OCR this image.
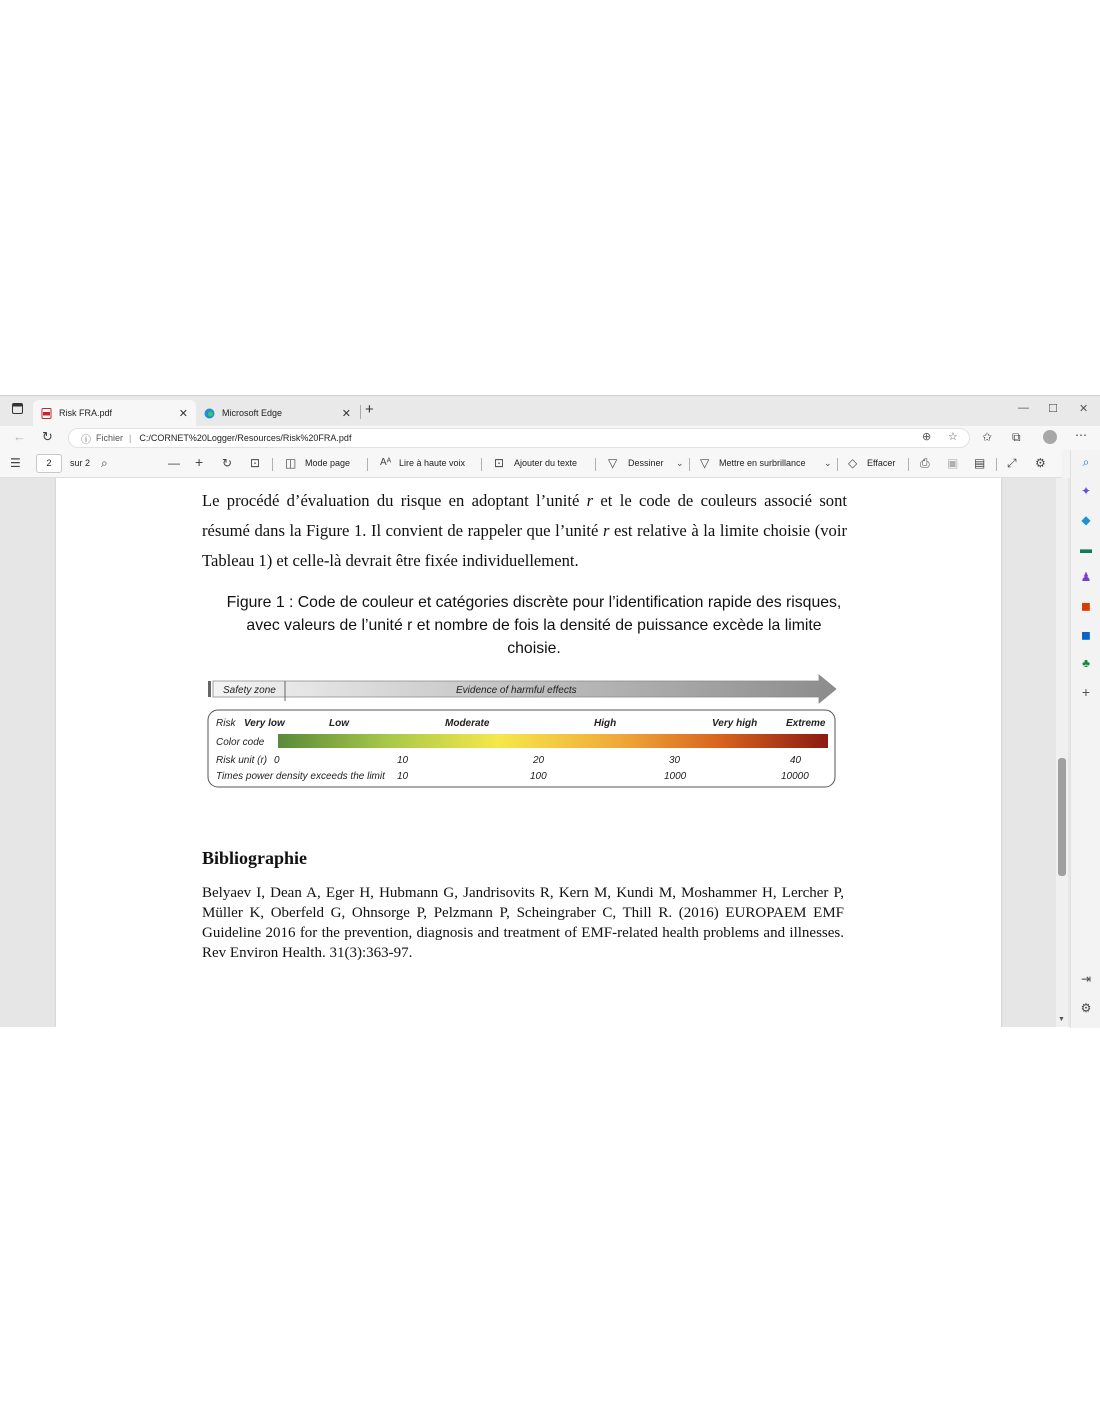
Risk FRA.pdf	✕	Microsoft Edge	✕ +	— ☐ ✕
← ↻	ⓘ Fichier | C:/CORNET%20Logger/Resources/Risk%20FRA.pdf	⊕ ☆ ✩ ⧉	⋯
☰	2	sur 2 ⌕	— + ↻ ⊡ ◫ Mode page	Aᴬ Lire à haute voix ⊡ Ajouter du texte	▽ Dessiner ⌄ ▽ Mettre en surbrillance ⌄ ◇ Effacer ⎙ ▣ ▤ ⤢ ⚙	⌕
✦
◆
▬
♟
◼
◼
♣
+
⇥
⚙

Le procédé d’évaluation du risque en adoptant l’unité r et le code de couleurs associé sont résumé dans la Figure 1. Il convient de rappeler que l’unité r est relative à la limite choisie (voir Tableau 1) et celle-là devrait être fixée individuellement.

Figure 1 : Code de couleur et catégories discrète pour l’identification rapide des risques, avec valeurs de l’unité r et nombre de fois la densité de puissance excède la limite choisie.

Safety zone	Evidence of harmful effects
Risk Very low	Low	Moderate	High	Very high	Extreme
Color code
Risk unit (r) 0	10	20	30	40
Times power density exceeds the limit 10	100	1000	10000
Bibliographie

Belyaev I, Dean A, Eger H, Hubmann G, Jandrisovits R, Kern M, Kundi M, Moshammer H, Lercher P, Müller K, Oberfeld G, Ohnsorge P, Pelzmann P, Scheingraber C, Thill R. (2016) EUROPAEM EMF Guideline 2016 for the prevention, diagnosis and treatment of EMF-related health problems and illnesses. Rev Environ Health. 31(3):363-97.

▼
